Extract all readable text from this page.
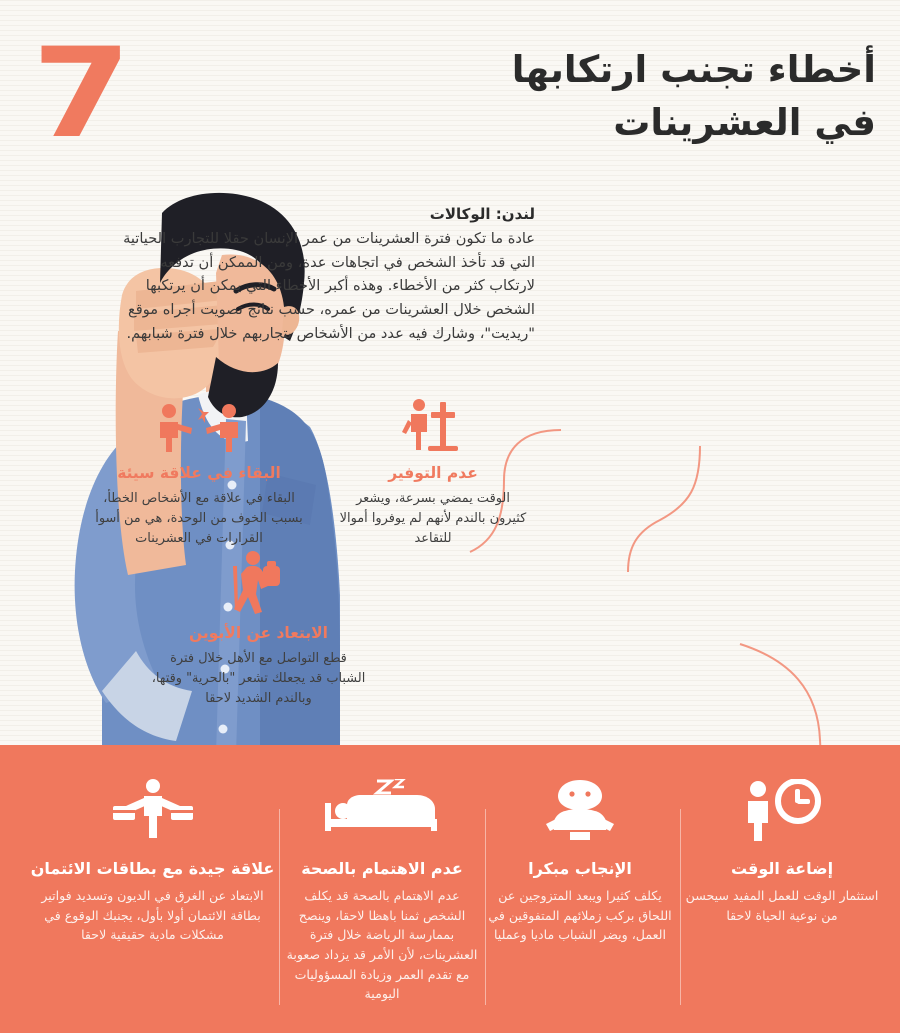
7	أخطاء تجنب ارتكابها
في العشرينات
لندن: الوكالات
عادة ما تكون فترة العشرينات من عمر الإنسان حقلا للتجارب الحياتية التي قد تأخذ الشخص في اتجاهات عدة، ومن الممكن أن تدفعه لارتكاب كثر من الأخطاء. وهذه أكبر الأخطاء التي يمكن أن يرتكبها الشخص خلال العشرينات من عمره، حسب نتائج تصويت أجراه موقع "ريديت"، وشارك فيه عدد من الأشخاص بتجاربهم خلال فترة شبابهم.
عدم التوفير

الوقت يمضي بسرعة، ويشعر كثيرون بالندم لأنهم لم يوفروا أموالا للتقاعد

البقاء في علاقة سيئة

البقاء في علاقة مع الأشخاص الخطأ، بسبب الخوف من الوحدة، هي من أسوأ القرارات في العشرينات

الابتعاد عن الأبوين

قطع التواصل مع الأهل خلال فترة الشباب قد يجعلك تشعر "بالحرية" وقتها، وبالندم الشديد لاحقا

علاقة جيدة مع بطاقات الائتمان

الابتعاد عن الغرق في الديون وتسديد فواتير بطاقة الائتمان أولا بأول، يجنبك الوقوع في مشكلات مادية حقيقية لاحقا

عدم الاهتمام بالصحة

عدم الاهتمام بالصحة قد يكلف الشخص ثمنا باهظا لاحقا، وينصح بممارسة الرياضة خلال فترة العشرينات، لأن الأمر قد يزداد صعوبة مع تقدم العمر وزيادة المسؤوليات اليومية

الإنجاب مبكرا

يكلف كثيرا ويبعد المتزوجين عن اللحاق بركب زملائهم المتفوقين في العمل، ويضر الشباب ماديا وعمليا

إضاعة الوقت

استثمار الوقت للعمل المفيد سيحسن من نوعية الحياة لاحقا
